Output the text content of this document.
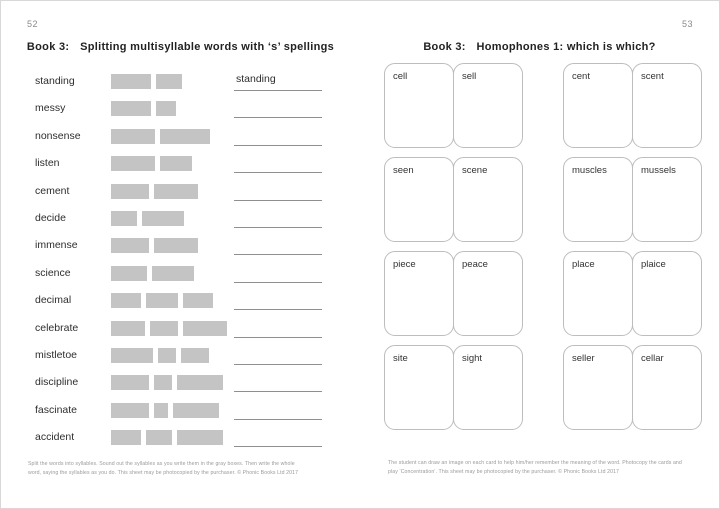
52
Book 3: Splitting multisyllable words with ‘s’ spellings
standing	standing
messy
nonsense
listen
cement
decide
immense
science
decimal
celebrate
mistletoe
discipline
fascinate
accident
Split the words into syllables. Sound out the syllables as you write them in the gray boxes. Then write the whole word, saying the syllables as you do. This sheet may be photocopied by the purchaser. © Phonic Books Ltd 2017
53
Book 3: Homophones 1: which is which?
cell	sell	cent	scent
seen	scene	muscles	mussels
piece	peace	place	plaice
site	sight	seller	cellar
The student can draw an image on each card to help him/her remember the meaning of the word. Photocopy the cards and play ‘Concentration’. This sheet may be photocopied by the purchaser. © Phonic Books Ltd 2017
